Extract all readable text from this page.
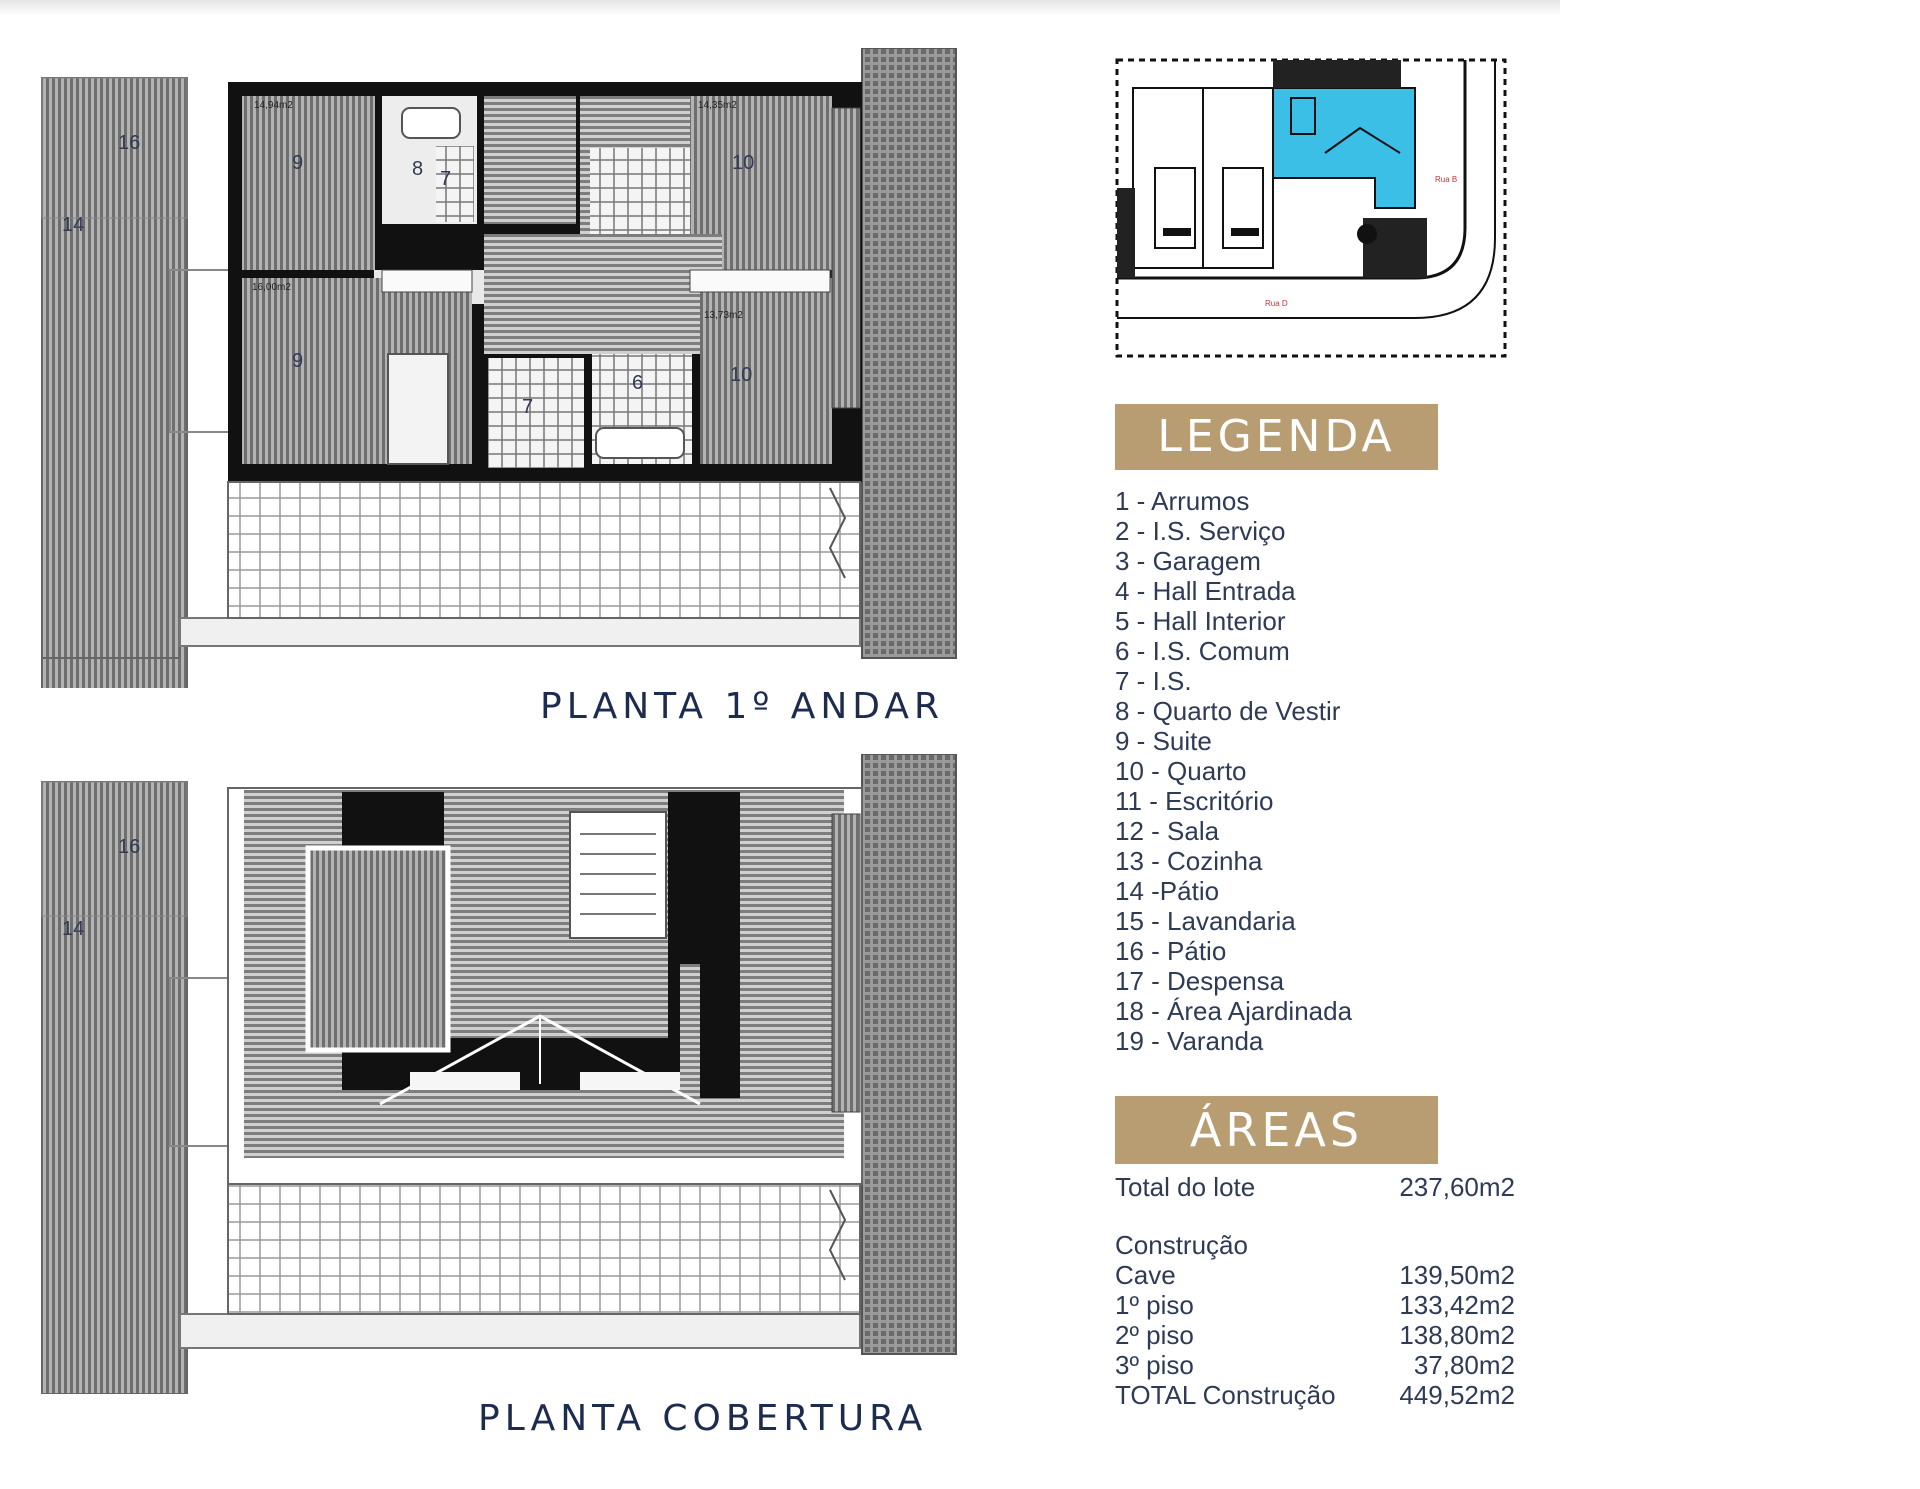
16
14
9	8 7
10
9
7
6	10
14,94m2	14,35m2
16,00m2
13,73m2
PLANTA 1º ANDAR
16
14
PLANTA COBERTURA
Rua B
Rua D
LEGENDA
1 - Arrumos
2 - I.S. Serviço
3 - Garagem
4 - Hall Entrada
5 - Hall Interior
6 - I.S. Comum
7 - I.S.
8 - Quarto de Vestir
9 - Suite
10 - Quarto
11 - Escritório
12 - Sala
13 - Cozinha
14 -Pátio
15 - Lavandaria
16 - Pátio
17 - Despensa
18 - Área Ajardinada
19 - Varanda
ÁREAS
Total do lote	237,60m2
Construção
Cave	139,50m2
1º piso	133,42m2
2º piso	138,80m2
3º piso	37,80m2
TOTAL Construção 449,52m2
